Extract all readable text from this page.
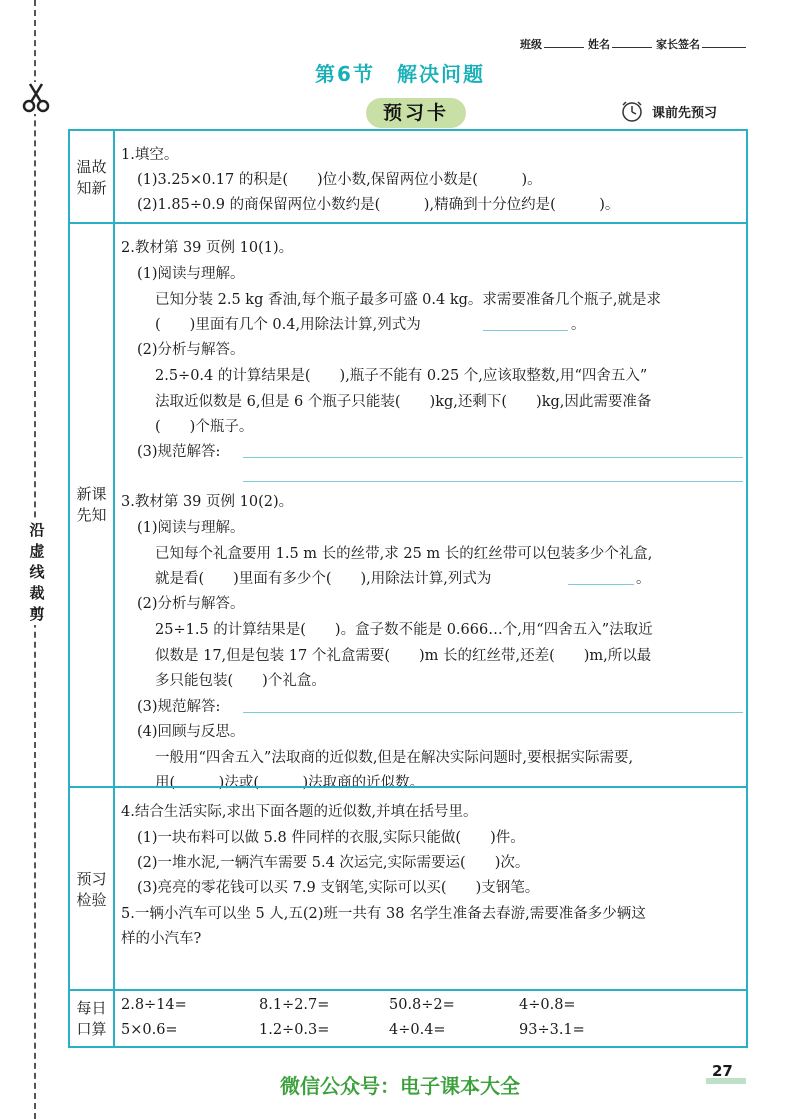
沿虚线裁剪
班级	姓名	家长签名
第6节　解决问题
预习卡	课前先预习
温故知新
1.填空。
(1)3.25×0.17 的积是(　　)位小数,保留两位小数是(　　　)。
(2)1.85÷0.9 的商保留两位小数约是(　　　),精确到十分位约是(　　　)。
新课先知
2.教材第 39 页例 10(1)。
(1)阅读与理解。
已知分装 2.5 kg 香油,每个瓶子最多可盛 0.4 kg。求需要准备几个瓶子,就是求
(　　)里面有几个 0.4,用除法计算,列式为	。
(2)分析与解答。
2.5÷0.4 的计算结果是(　　),瓶子不能有 0.25 个,应该取整数,用“四舍五入”
法取近似数是 6,但是 6 个瓶子只能装(　　)kg,还剩下(　　)kg,因此需要准备
(　　)个瓶子。
(3)规范解答:
3.教材第 39 页例 10(2)。
(1)阅读与理解。
已知每个礼盒要用 1.5 m 长的丝带,求 25 m 长的红丝带可以包装多少个礼盒,
就是看(　　)里面有多少个(　　),用除法计算,列式为	。
(2)分析与解答。
25÷1.5 的计算结果是(　　)。盒子数不能是 0.666…个,用“四舍五入”法取近
似数是 17,但是包装 17 个礼盒需要(　　)m 长的红丝带,还差(　　)m,所以最
多只能包装(　　)个礼盒。
(3)规范解答:
(4)回顾与反思。
一般用“四舍五入”法取商的近似数,但是在解决实际问题时,要根据实际需要,
用(　　　)法或(　　　)法取商的近似数。
预习检验
4.结合生活实际,求出下面各题的近似数,并填在括号里。
(1)一块布料可以做 5.8 件同样的衣服,实际只能做(　　)件。
(2)一堆水泥,一辆汽车需要 5.4 次运完,实际需要运(　　)次。
(3)亮亮的零花钱可以买 7.9 支钢笔,实际可以买(　　)支钢笔。
5.一辆小汽车可以坐 5 人,五(2)班一共有 38 名学生准备去春游,需要准备多少辆这
样的小汽车?
每日口算
2.8÷14=	8.1÷2.7=	50.8÷2=	4÷0.8=
5×0.6=	1.2÷0.3=	4÷0.4=	93÷3.1=
27
微信公众号：电子课本大全
